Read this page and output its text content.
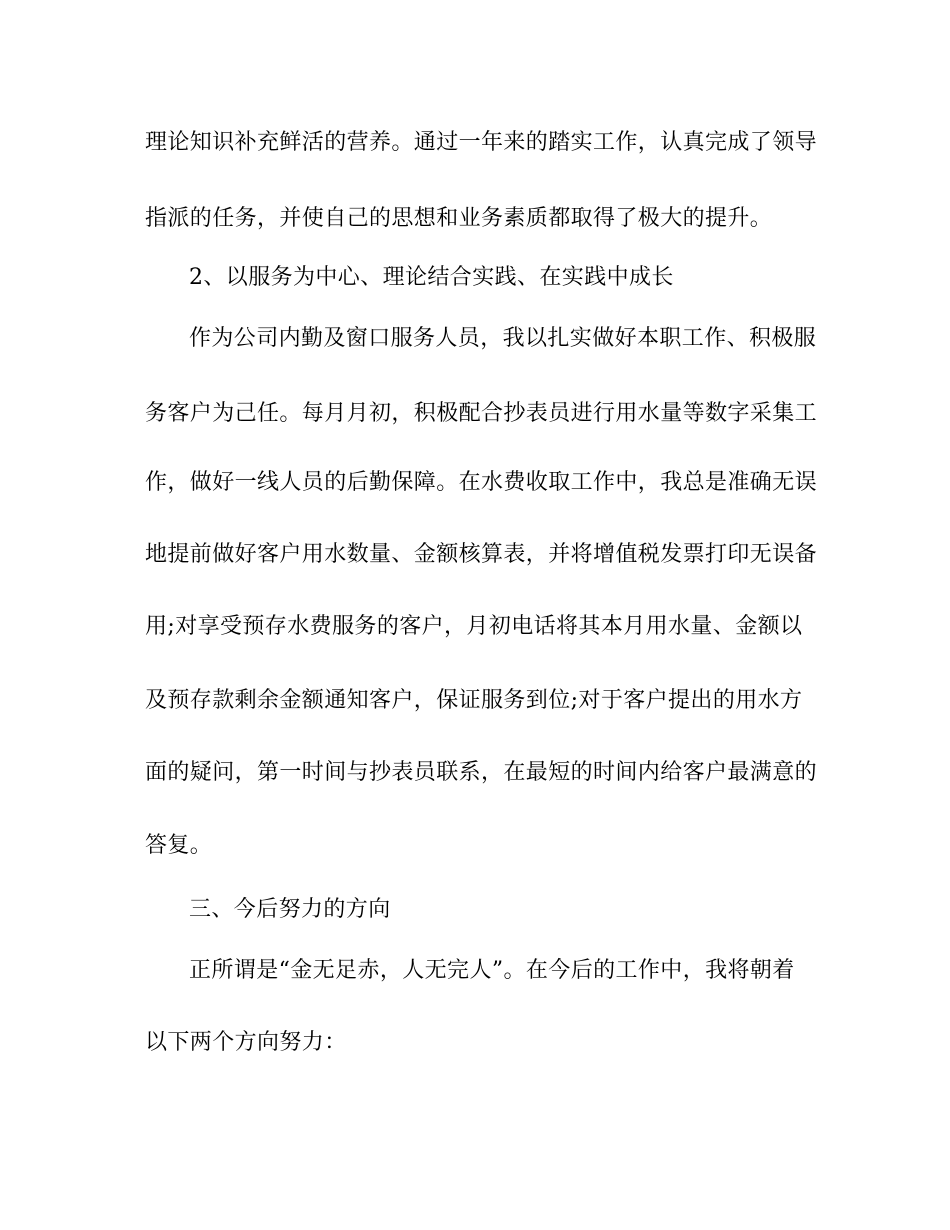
理论知识补充鲜活的营养。通过一年来的踏实工作，认真完成了领导
指派的任务，并使自己的思想和业务素质都取得了极大的提升。
2、以服务为中心、理论结合实践、在实践中成长
作为公司内勤及窗口服务人员，我以扎实做好本职工作、积极服
务客户为己任。每月月初，积极配合抄表员进行用水量等数字采集工
作，做好一线人员的后勤保障。在水费收取工作中，我总是准确无误
地提前做好客户用水数量、金额核算表，并将增值税发票打印无误备
用;对享受预存水费服务的客户，月初电话将其本月用水量、金额以
及预存款剩余金额通知客户，保证服务到位;对于客户提出的用水方
面的疑问，第一时间与抄表员联系，在最短的时间内给客户最满意的
答复。
三、今后努力的方向
正所谓是“金无足赤，人无完人”。在今后的工作中，我将朝着
以下两个方向努力：
